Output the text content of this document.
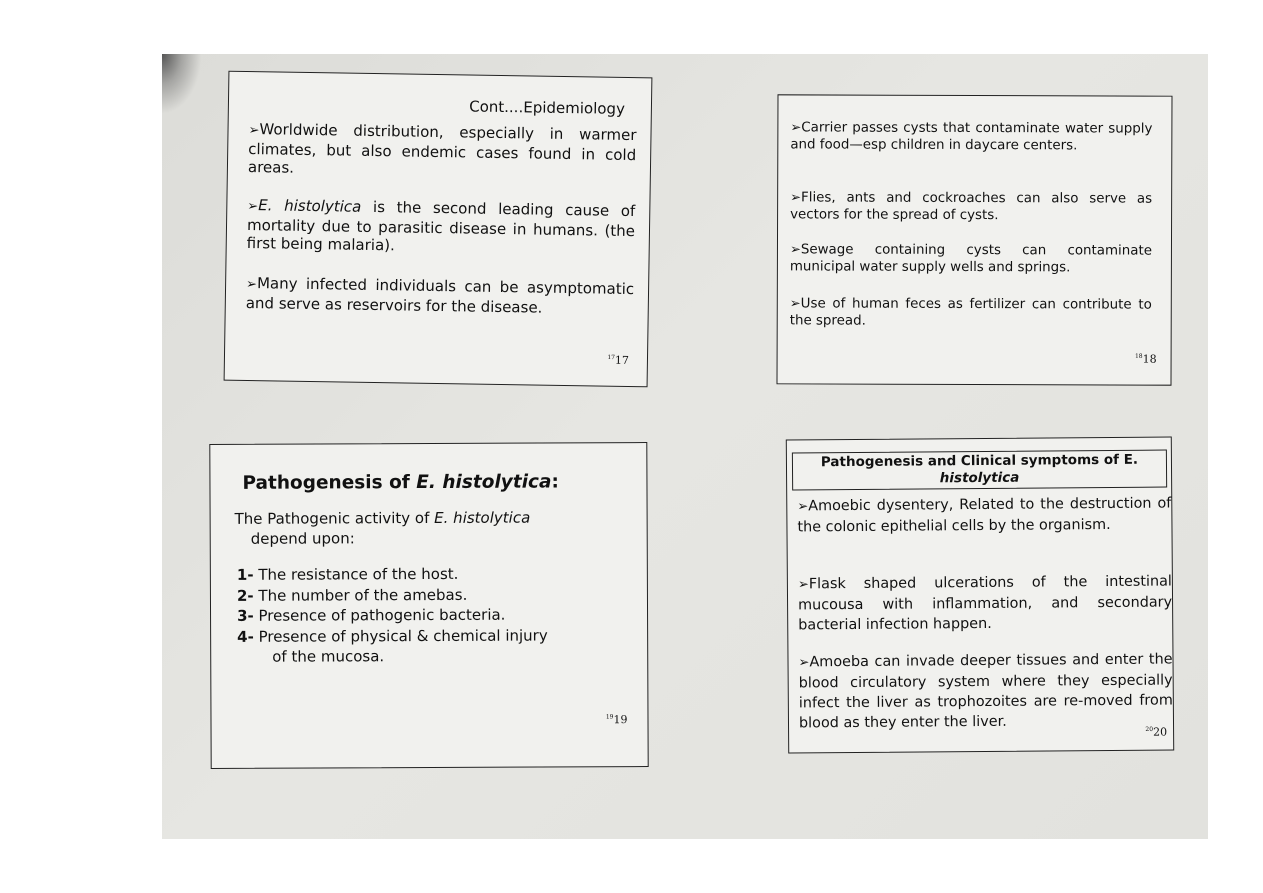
Cont....Epidemiology
➢Worldwide distribution, especially in warmer climates, but also endemic cases found in cold areas.
➢E. histolytica is the second leading cause of mortality due to parasitic disease in humans. (the first being malaria).
➢Many infected individuals can be asymptomatic and serve as reservoirs for the disease.
$^{17}$17
➢Carrier passes cysts that contaminate water supply and food—esp children in daycare centers.
➢Flies, ants and cockroaches can also serve as vectors for the spread of cysts.
➢Sewage containing cysts can contaminate municipal water supply wells and springs.
➢Use of human feces as fertilizer can contribute to the spread.
$^{18}$18
Pathogenesis of E. histolytica:
The Pathogenic activity of E. histolytica
depend upon:
1- The resistance of the host.
2- The number of the amebas.
3- Presence of pathogenic bacteria.
4- Presence of physical & chemical injury
of the mucosa.
$^{19}$19
Pathogenesis and Clinical symptoms of E.
histolytica
➢Amoebic dysentery, Related to the destruction of the colonic epithelial cells by the organism.
➢Flask shaped ulcerations of the intestinal mucousa with inflammation, and secondary bacterial infection happen.
➢Amoeba can invade deeper tissues and enter the blood circulatory system where they especially infect the liver as trophozoites are re-moved from blood as they enter the liver.	$^{20}$20
